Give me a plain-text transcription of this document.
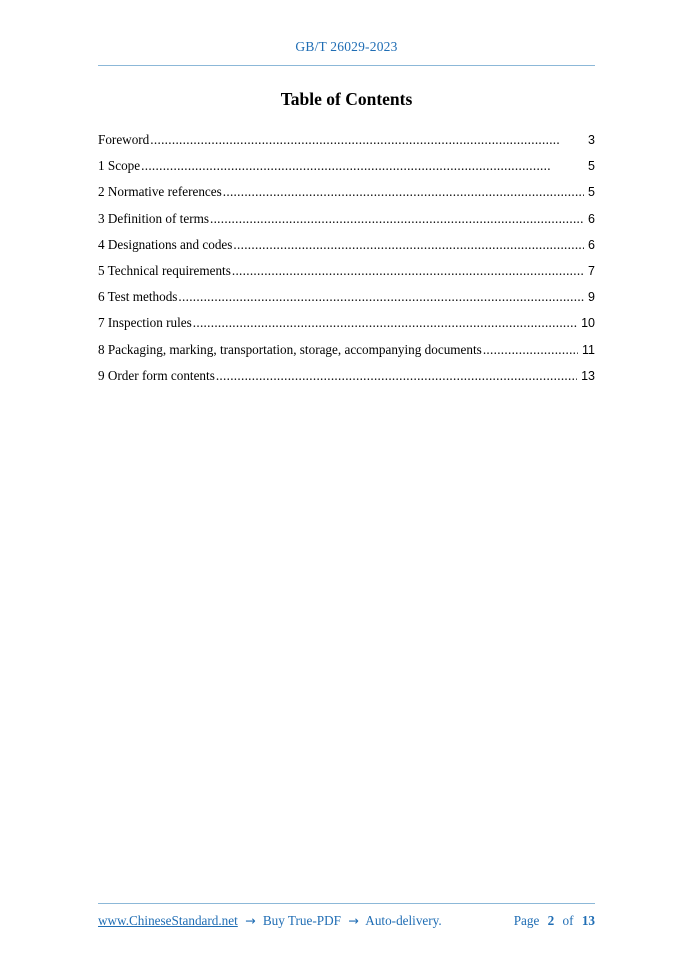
GB/T 26029-2023
Table of Contents
Foreword . . .	3
1 Scope . . .	5
2 Normative references . . .	5
3 Definition of terms . . .	6
4 Designations and codes . . .	6
5 Technical requirements . . .	7
6 Test methods . . .	9
7 Inspection rules . . .	10
8 Packaging, marking, transportation, storage, accompanying documents . . .	11
9 Order form contents . . .	13
www.ChineseStandard.net → Buy True-PDF → Auto-delivery.	Page 2 of 13
